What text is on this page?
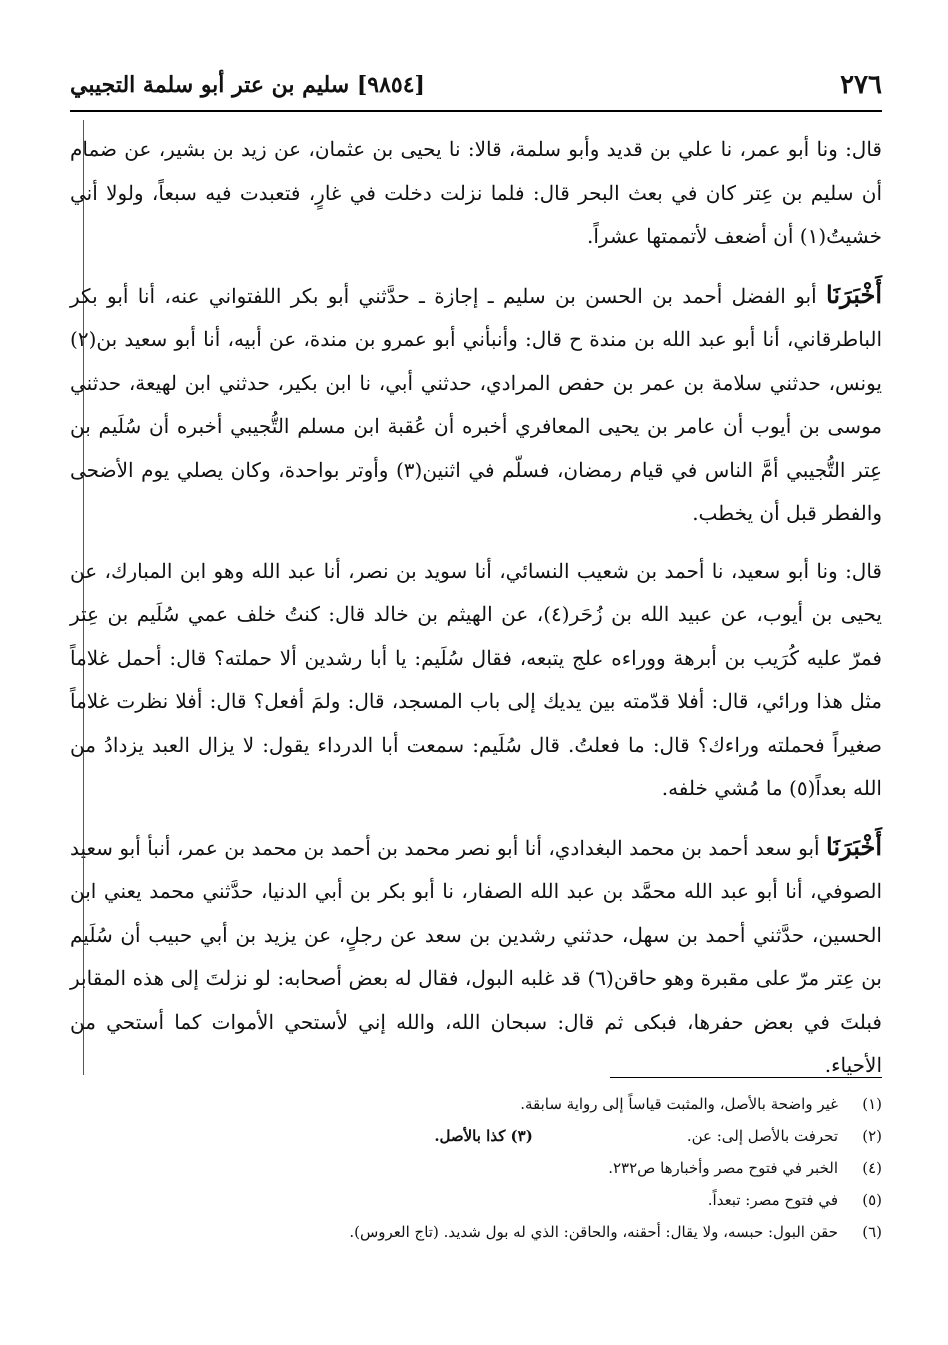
٢٧٦
[٩٨٥٤] سليم بن عتر أبو سلمة التجيبي

قال: ونا أبو عمر، نا علي بن قديد وأبو سلمة، قالا: نا يحيى بن عثمان، عن زيد بن بشير، عن ضمام أن سليم بن عِتر كان في بعث البحر قال: فلما نزلت دخلت في غارٍ، فتعبدت فيه سبعاً، ولولا أني خشيتُ(١) أن أضعف لأتممتها عشراً.

أَخْبَرَنَا أبو الفضل أحمد بن الحسن بن سليم ـ إجازة ـ حدَّثني أبو بكر اللفتواني عنه، أنا أبو بكر الباطرقاني، أنا أبو عبد الله بن مندة ح قال: وأنبأني أبو عمرو بن مندة، عن أبيه، أنا أبو سعيد بن(٢) يونس، حدثني سلامة بن عمر بن حفص المرادي، حدثني أبي، نا ابن بكير، حدثني ابن لهيعة، حدثني موسى بن أيوب أن عامر بن يحيى المعافري أخبره أن عُقبة ابن مسلم التُّجيبي أخبره أن سُلَيم بن عِتر التُّجيبي أمَّ الناس في قيام رمضان، فسلّم في اثنين(٣) وأوتر بواحدة، وكان يصلي يوم الأضحى والفطر قبل أن يخطب.

قال: ونا أبو سعيد، نا أحمد بن شعيب النسائي، أنا سويد بن نصر، أنا عبد الله وهو ابن المبارك، عن يحيى بن أيوب، عن عبيد الله بن زُحَر(٤)، عن الهيثم بن خالد قال: كنتُ خلف عمي سُلَيم بن عِتر فمرّ عليه كُرَيب بن أبرهة ووراءه علج يتبعه، فقال سُلَيم: يا أبا رشدين ألا حملته؟ قال: أحمل غلاماً مثل هذا ورائي، قال: أفلا قدّمته بين يديك إلى باب المسجد، قال: ولمَ أفعل؟ قال: أفلا نظرت غلاماً صغيراً فحملته وراءك؟ قال: ما فعلتُ. قال سُلَيم: سمعت أبا الدرداء يقول: لا يزال العبد يزدادُ من الله بعداً(٥) ما مُشي خلفه.

أَخْبَرَنَا أبو سعد أحمد بن محمد البغدادي، أنا أبو نصر محمد بن أحمد بن محمد بن عمر، أنبأ أبو سعيد الصوفي، أنا أبو عبد الله محمَّد بن عبد الله الصفار، نا أبو بكر بن أبي الدنيا، حدَّثني محمد يعني ابن الحسين، حدَّثني أحمد بن سهل، حدثني رشدين بن سعد عن رجلٍ، عن يزيد بن أبي حبيب أن سُلَيم بن عِتر مرّ على مقبرة وهو حاقن(٦) قد غلبه البول، فقال له بعض أصحابه: لو نزلتَ إلى هذه المقابر فبلتَ في بعض حفرها، فبكى ثم قال: سبحان الله، والله إني لأستحي الأموات كما أستحي من الأحياء.

(١)
غير واضحة بالأصل، والمثبت قياساً إلى رواية سابقة.
(٢)
تحرفت بالأصل إلى: عن.
(٣) كذا بالأصل.
(٤)
الخبر في فتوح مصر وأخبارها ص٢٣٢.
(٥)
في فتوح مصر: تبعداً.
(٦)
حقن البول: حبسه، ولا يقال: أحقنه، والحاقن: الذي له بول شديد. (تاج العروس).
